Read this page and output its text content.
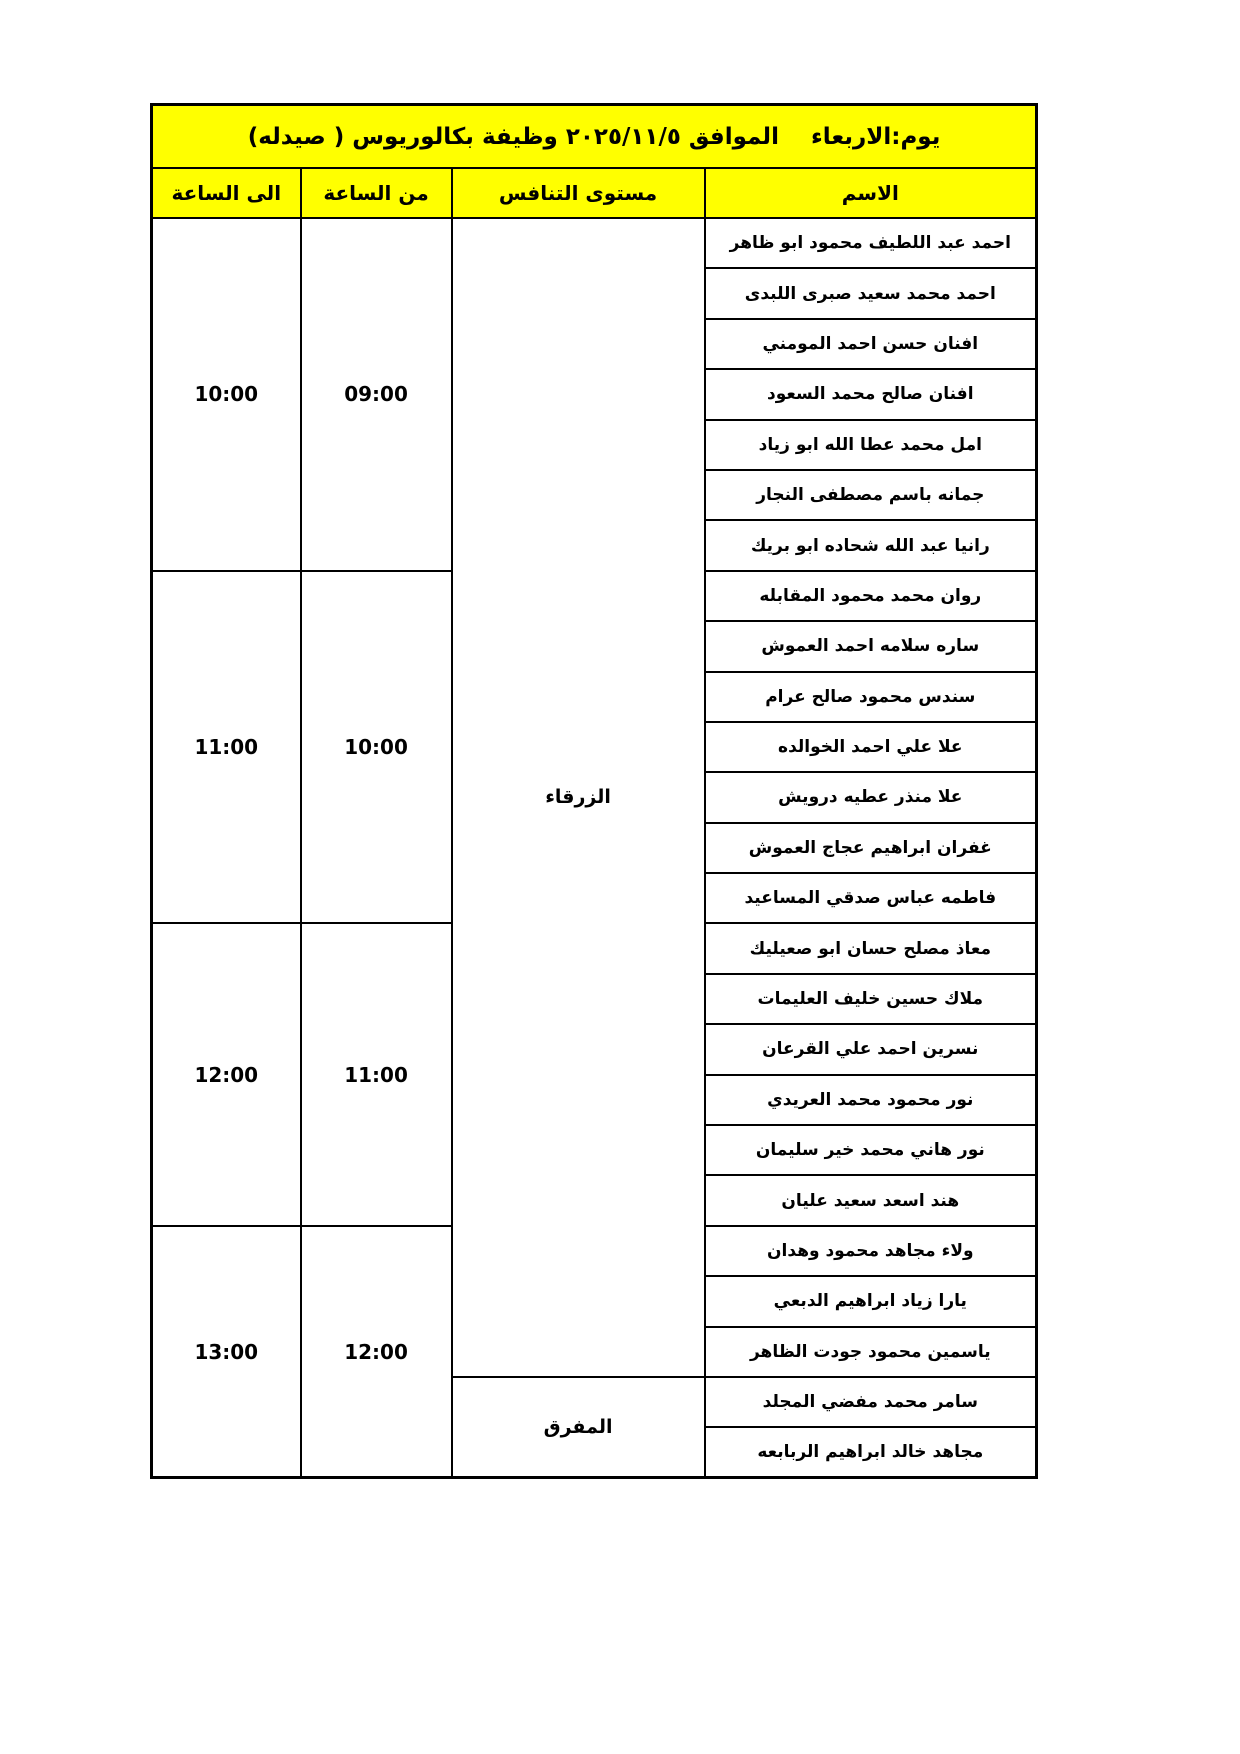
يوم:الاربعاء    الموافق ٢٠٢٥/١١/٥ وظيفة بكالوريوس ( صيدله)			
الاسم	مستوى التنافس	من الساعة	الى الساعة
احمد عبد اللطيف محمود ابو ظاهر	الزرقاء	09:00	10:00
احمد محمد سعيد صبرى اللبدى			
افنان حسن احمد المومني			
افنان صالح محمد السعود			
امل محمد عطا الله ابو زياد			
جمانه باسم مصطفى النجار			
رانيا عبد الله شحاده ابو بريك			
روان محمد محمود المقابله		10:00	11:00
ساره سلامه احمد العموش			
سندس محمود صالح عرام			
علا علي احمد الخوالده			
علا منذر عطيه درويش			
غفران ابراهيم عجاج العموش			
فاطمه عباس صدقي المساعيد			
معاذ مصلح حسان ابو صعيليك		11:00	12:00
ملاك حسين خليف العليمات			
نسرين احمد علي القرعان			
نور محمود محمد العريدي			
نور هاني محمد خير سليمان			
هند اسعد سعيد عليان			
ولاء مجاهد محمود وهدان		12:00	13:00
يارا زياد ابراهيم الدبعي			
ياسمين محمود جودت الظاهر			
سامر محمد مفضي المجلد	المفرق		
مجاهد خالد ابراهيم الربابعه			
